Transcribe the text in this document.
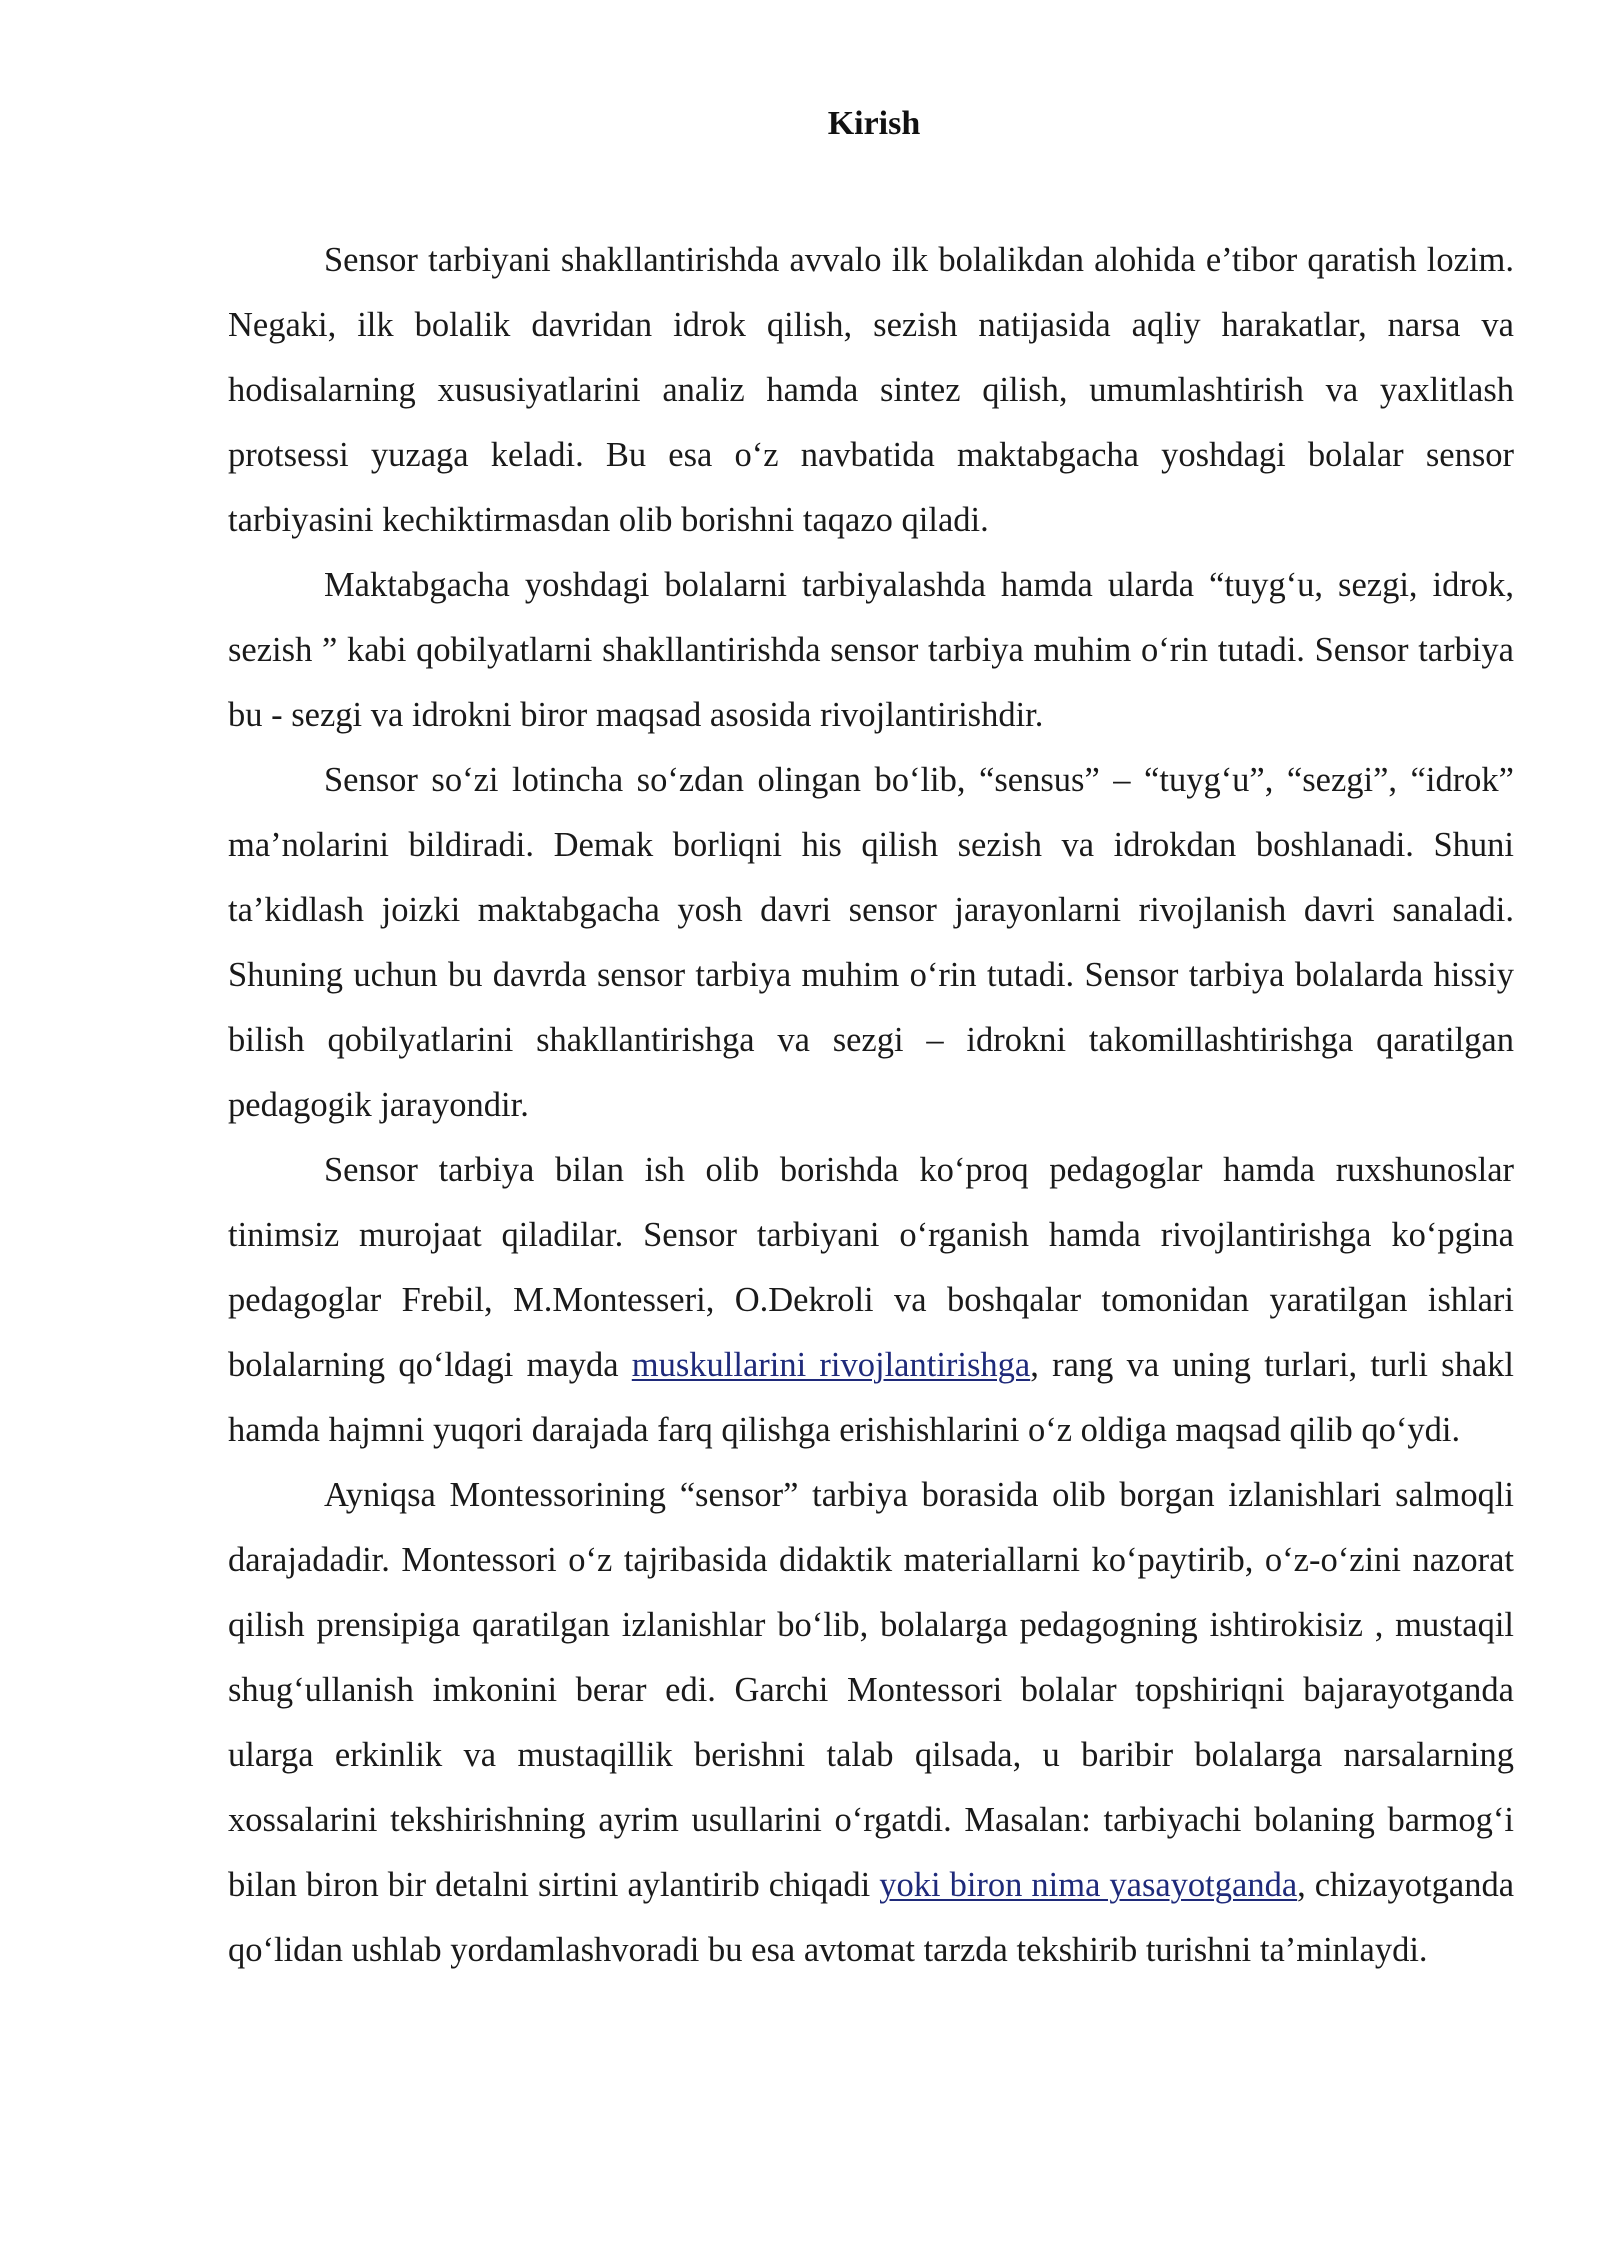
Kirish

Sensor tarbiyani shakllantirishda avvalo ilk bolalikdan alohida e’tibor qaratish lozim. Negaki, ilk bolalik davridan idrok qilish, sezish natijasida aqliy harakatlar, narsa va hodisalarning xususiyatlarini analiz hamda sintez qilish, umumlashtirish va yaxlitlash protsessi yuzaga keladi. Bu esa o‘z navbatida maktabgacha yoshdagi bolalar sensor tarbiyasini kechiktirmasdan olib borishni taqazo qiladi.

Maktabgacha yoshdagi bolalarni tarbiyalashda hamda ularda “tuyg‘u, sezgi, idrok, sezish ” kabi qobilyatlarni shakllantirishda sensor tarbiya muhim o‘rin tutadi. Sensor tarbiya bu - sezgi va idrokni biror maqsad asosida rivojlantirishdir.

Sensor so‘zi lotincha so‘zdan olingan bo‘lib, “sensus” – “tuyg‘u”, “sezgi”, “idrok” ma’nolarini bildiradi. Demak borliqni his qilish sezish va idrokdan boshlanadi. Shuni ta’kidlash joizki maktabgacha yosh davri sensor jarayonlarni rivojlanish davri sanaladi. Shuning uchun bu davrda sensor tarbiya muhim o‘rin tutadi. Sensor tarbiya bolalarda hissiy bilish qobilyatlarini shakllantirishga va sezgi – idrokni takomillashtirishga qaratilgan pedagogik jarayondir.

Sensor tarbiya bilan ish olib borishda ko‘proq pedagoglar hamda ruxshunoslar tinimsiz murojaat qiladilar. Sensor tarbiyani o‘rganish hamda rivojlantirishga ko‘pgina pedagoglar Frebil, M.Montesseri, O.Dekroli va boshqalar tomonidan yaratilgan ishlari bolalarning qo‘ldagi mayda muskullarini rivojlantirishga, rang va uning turlari, turli shakl hamda hajmni yuqori darajada farq qilishga erishishlarini o‘z oldiga maqsad qilib qo‘ydi.

Ayniqsa Montessorining “sensor” tarbiya borasida olib borgan izlanishlari salmoqli darajadadir. Montessori o‘z tajribasida didaktik materiallarni ko‘paytirib, o‘z-o‘zini nazorat qilish prensipiga qaratilgan izlanishlar bo‘lib, bolalarga pedagogning ishtirokisiz , mustaqil shug‘ullanish imkonini berar edi. Garchi Montessori bolalar topshiriqni bajarayotganda ularga erkinlik va mustaqillik berishni talab qilsada, u baribir bolalarga narsalarning xossalarini tekshirishning ayrim usullarini o‘rgatdi. Masalan: tarbiyachi bolaning barmog‘i bilan biron bir detalni sirtini aylantirib chiqadi yoki biron nima yasayotganda, chizayotganda qo‘lidan ushlab yordamlashvoradi bu esa avtomat tarzda tekshirib turishni ta’minlaydi.
